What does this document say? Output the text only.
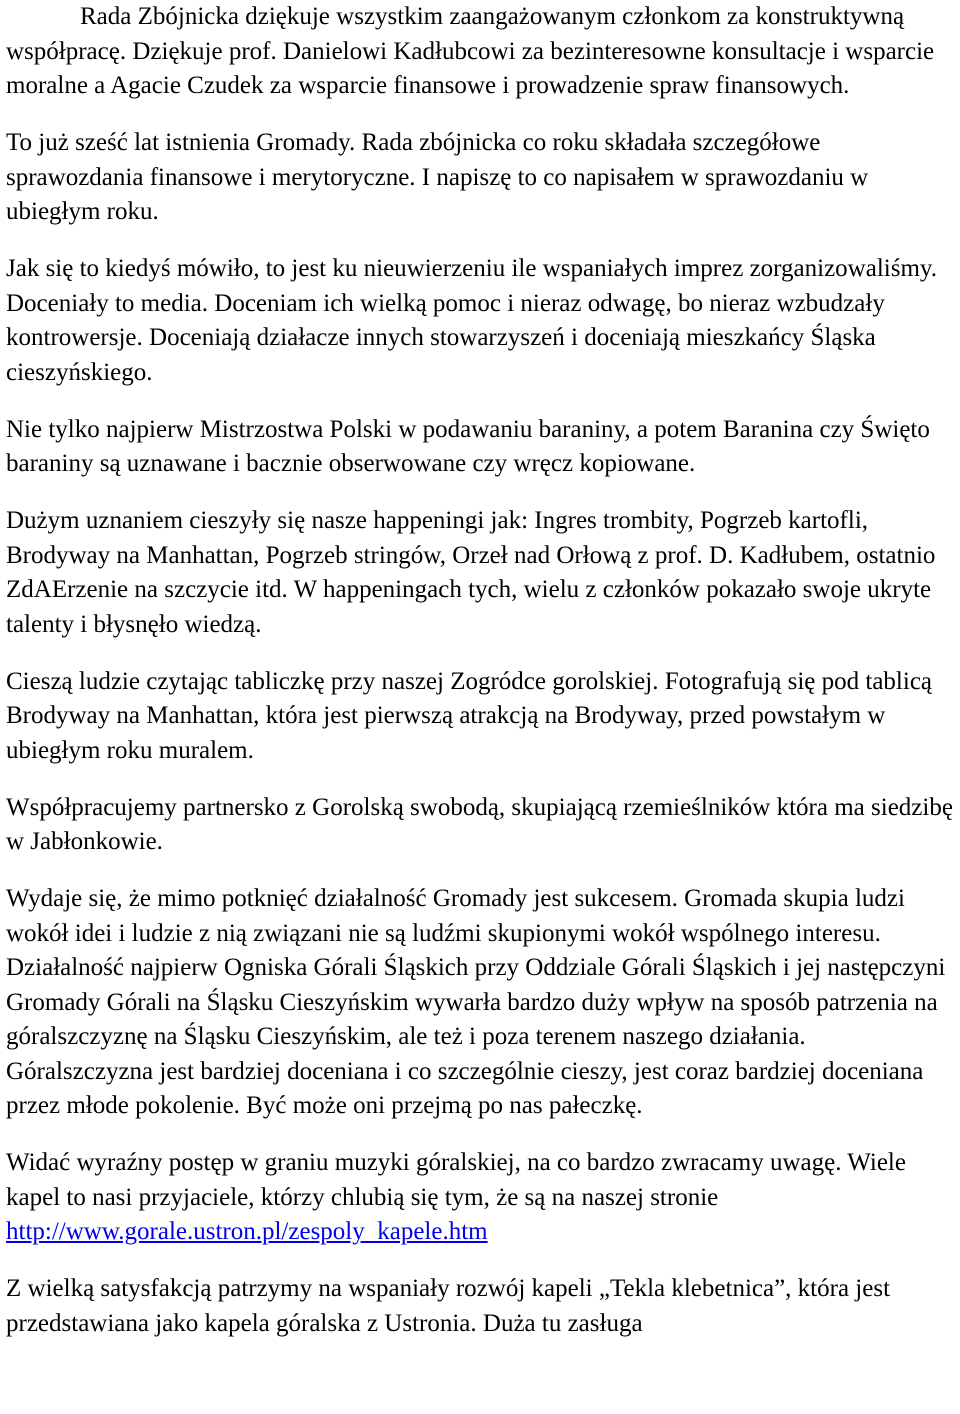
Rada Zbójnicka dziękuje wszystkim zaangażowanym członkom za konstruktywną współpracę. Dziękuje prof. Danielowi Kadłubcowi za bezinteresowne konsultacje i wsparcie moralne a Agacie Czudek za wsparcie finansowe i prowadzenie spraw finansowych.

To już sześć lat istnienia Gromady. Rada zbójnicka co roku składała szczegółowe sprawozdania finansowe i merytoryczne. I napiszę to co napisałem w sprawozdaniu w ubiegłym roku.

Jak się to kiedyś mówiło, to jest ku nieuwierzeniu ile wspaniałych imprez zorganizowaliśmy. Doceniały to media. Doceniam ich wielką pomoc i nieraz odwagę, bo nieraz wzbudzały kontrowersje. Doceniają działacze innych stowarzyszeń i doceniają mieszkańcy Śląska cieszyńskiego.

Nie tylko najpierw Mistrzostwa Polski w podawaniu baraniny, a potem Baranina czy Święto baraniny są uznawane i bacznie obserwowane czy wręcz kopiowane.

Dużym uznaniem cieszyły się nasze happeningi jak: Ingres trombity, Pogrzeb kartofli, Brodyway na Manhattan, Pogrzeb stringów, Orzeł nad Orłową z prof. D. Kadłubem, ostatnio ZdAErzenie na szczycie itd. W happeningach tych, wielu z członków pokazało swoje ukryte talenty i błysnęło wiedzą.

Cieszą ludzie czytając tabliczkę przy naszej Zogródce gorolskiej. Fotografują się pod tablicą Brodyway na Manhattan, która jest pierwszą atrakcją na Brodyway, przed powstałym w ubiegłym roku muralem.

Współpracujemy partnersko z Gorolską swobodą, skupiającą rzemieślników która ma siedzibę w Jabłonkowie.

Wydaje się, że mimo potknięć działalność Gromady jest sukcesem. Gromada skupia ludzi wokół idei i ludzie z nią związani nie są ludźmi skupionymi wokół wspólnego interesu. Działalność najpierw Ogniska Górali Śląskich przy Oddziale Górali Śląskich i jej następczyni Gromady Górali na Śląsku Cieszyńskim wywarła bardzo duży wpływ na sposób patrzenia na góralszczyznę na Śląsku Cieszyńskim, ale też i poza terenem naszego działania. Góralszczyzna jest bardziej doceniana i co szczególnie cieszy, jest coraz bardziej doceniana przez młode pokolenie. Być może oni przejmą po nas pałeczkę.

Widać wyraźny postęp w graniu muzyki góralskiej, na co bardzo zwracamy uwagę. Wiele kapel to nasi przyjaciele, którzy chlubią się tym, że są na naszej stronie http://www.gorale.ustron.pl/zespoly_kapele.htm

Z wielką satysfakcją patrzymy na wspaniały rozwój kapeli „Tekla klebetnica”, która jest przedstawiana jako kapela góralska z Ustronia. Duża tu zasługa
